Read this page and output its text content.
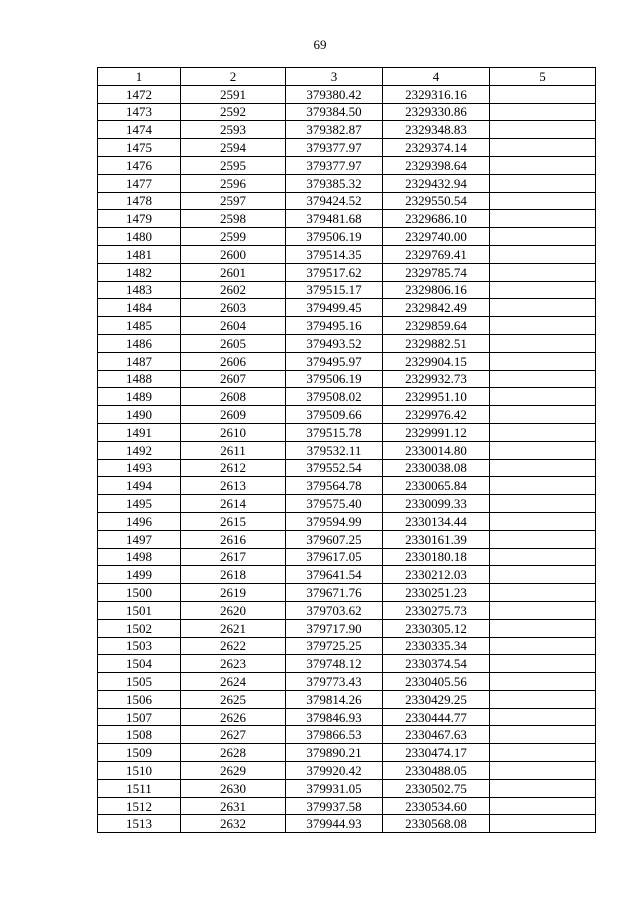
69
1	2	3	4	5
1472	2591	379380.42	2329316.16	
1473	2592	379384.50	2329330.86	
1474	2593	379382.87	2329348.83	
1475	2594	379377.97	2329374.14	
1476	2595	379377.97	2329398.64	
1477	2596	379385.32	2329432.94	
1478	2597	379424.52	2329550.54	
1479	2598	379481.68	2329686.10	
1480	2599	379506.19	2329740.00	
1481	2600	379514.35	2329769.41	
1482	2601	379517.62	2329785.74	
1483	2602	379515.17	2329806.16	
1484	2603	379499.45	2329842.49	
1485	2604	379495.16	2329859.64	
1486	2605	379493.52	2329882.51	
1487	2606	379495.97	2329904.15	
1488	2607	379506.19	2329932.73	
1489	2608	379508.02	2329951.10	
1490	2609	379509.66	2329976.42	
1491	2610	379515.78	2329991.12	
1492	2611	379532.11	2330014.80	
1493	2612	379552.54	2330038.08	
1494	2613	379564.78	2330065.84	
1495	2614	379575.40	2330099.33	
1496	2615	379594.99	2330134.44	
1497	2616	379607.25	2330161.39	
1498	2617	379617.05	2330180.18	
1499	2618	379641.54	2330212.03	
1500	2619	379671.76	2330251.23	
1501	2620	379703.62	2330275.73	
1502	2621	379717.90	2330305.12	
1503	2622	379725.25	2330335.34	
1504	2623	379748.12	2330374.54	
1505	2624	379773.43	2330405.56	
1506	2625	379814.26	2330429.25	
1507	2626	379846.93	2330444.77	
1508	2627	379866.53	2330467.63	
1509	2628	379890.21	2330474.17	
1510	2629	379920.42	2330488.05	
1511	2630	379931.05	2330502.75	
1512	2631	379937.58	2330534.60	
1513	2632	379944.93	2330568.08	
